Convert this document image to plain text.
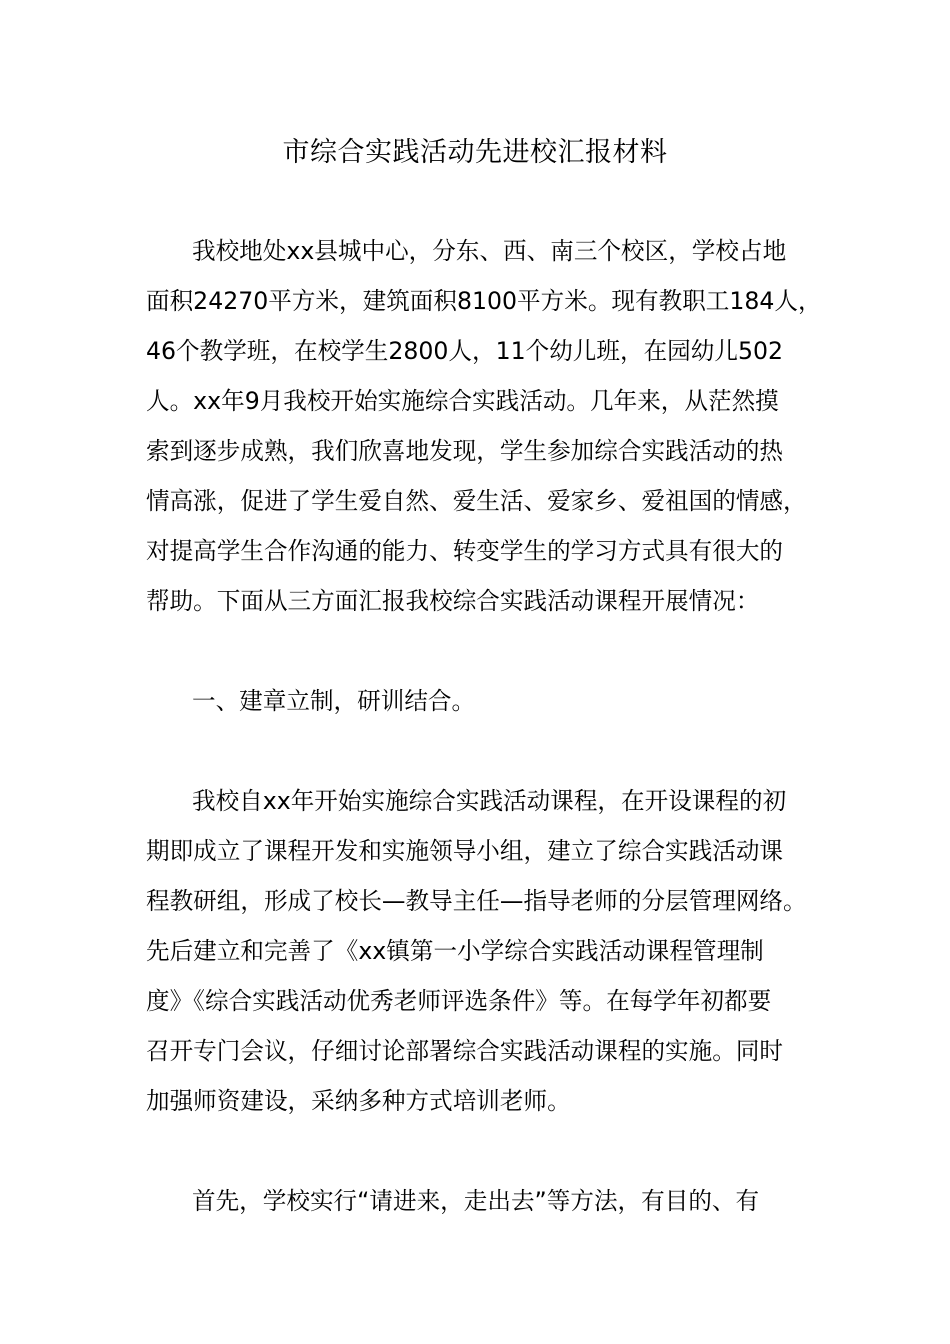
市综合实践活动先进校汇报材料
我校地处xx县城中心，分东、西、南三个校区，学校占地
面积24270平方米，建筑面积8100平方米。现有教职工184人，
46个教学班，在校学生2800人，11个幼儿班，在园幼儿502
人。xx年9月我校开始实施综合实践活动。几年来，从茫然摸
索到逐步成熟，我们欣喜地发现，学生参加综合实践活动的热
情高涨，促进了学生爱自然、爱生活、爱家乡、爱祖国的情感，
对提高学生合作沟通的能力、转变学生的学习方式具有很大的
帮助。下面从三方面汇报我校综合实践活动课程开展情况：
一、建章立制，研训结合。
我校自xx年开始实施综合实践活动课程，在开设课程的初
期即成立了课程开发和实施领导小组，建立了综合实践活动课
程教研组，形成了校长—教导主任—指导老师的分层管理网络。
先后建立和完善了《xx镇第一小学综合实践活动课程管理制
度》《综合实践活动优秀老师评选条件》等。在每学年初都要
召开专门会议，仔细讨论部署综合实践活动课程的实施。同时
加强师资建设，采纳多种方式培训老师。
首先，学校实行“请进来，走出去”等方法，有目的、有
